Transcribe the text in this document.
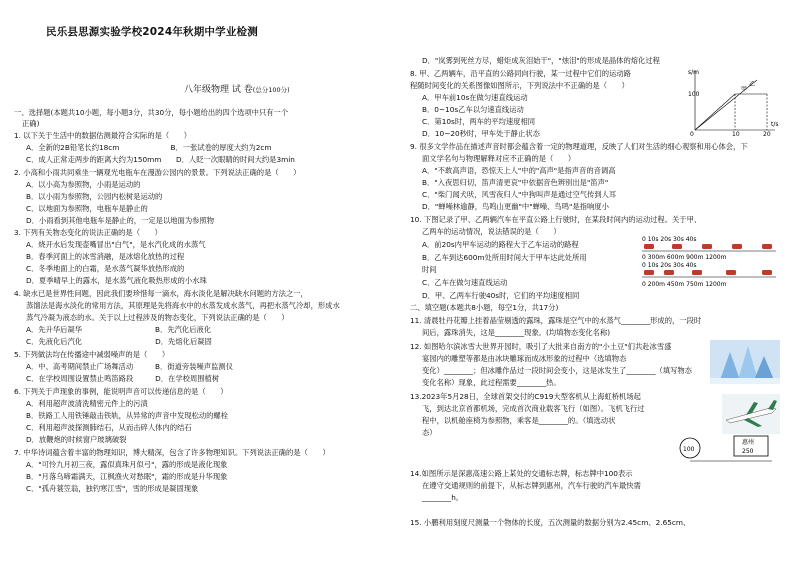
民乐县思源实验学校2024年秋期中学业检测
八年级物理 试 卷(总分100分)
一、选择题(本题共10小题，每小题3分，共30分，每小题给出的四个选项中只有一个
正确)
1. 以下关于生活中的数据估测最符合实际的是（　　）
A．全新的2B铅笔长约18cm　　　　　　　B．一张试卷的厚度大约为2cm
C．成人正常走两步的距离大约为150mm　　D．人眨一次眼睛的时间大约是3min
2. 小高和小雨共同乘坐一辆观光电瓶车在漫游公园内的景景。下列说法正确的是（　　）
A．以小高为参照物，小雨是运动的
B．以小雨为参照物，公园内松树是运动的
C．以地面为参照物，电瓶车是静止的
D．小雨看到其他电瓶车是静止的，一定是以地面为参照物
3. 下列有关物态变化的说法正确的是（　　）
A．烧开水后发现壶嘴冒出"白气"，是水汽化成的水蒸气
B．春季河面上的冰雪消融，是冰熔化放热的过程
C．冬季地面上的白霜，是水蒸气凝华放热形成的
D．夏季晴早上的露水，是水蒸气液化吸热形成的小水珠
4. 缺水已是世界性问题，因此我们要珍惜每一滴水，海水淡化是解决缺水问题的方法之一，
蒸馏法是海水淡化的常用方法，其原理是先将海水中的水蒸发成水蒸气，再把水蒸气冷却，形成水
蒸气冷凝为液态的水。关于以上过程涉及的物态变化，下列说法正确的是（　　）
A．先升华后凝华　　　　　　　　　　B．先汽化后液化
C．先液化后汽化　　　　　　　　　　D．先熔化后凝固
5. 下列做法均在传播途中减弱噪声的是（　　）
A．中、高考期间禁止广场舞活动　　　B．街道旁装噪声监测仪
C．在学校周围设置禁止鸣笛路段　　　D．在学校周围植树
6. 下列关于声现象的事例，能说明声音可以传递信息的是（　　）
A．利用超声波清洗精密元件上的污渍
B．铁路工人用铁锤敲击铁轨，从异常的声音中发现松动的螺栓
C．利用超声波探测肺结石，从而击碎人体内的结石
D．放鞭炮的时候窗户玻璃破裂
7. 中华诗词蕴含着丰富的物理知识，博大精深，包含了许多物理知识。下列说法正确的是（　　）
A．"可怜九月初三夜，露似真珠月似弓"，露的形成是液化现象
B．"月落乌啼霜满天，江枫渔火对愁眠"，霜的形成是升华现象
C．"孤舟蓑笠翁，独钓寒江雪"，雪的形成是凝固现象
D．"岚雾到死丝方尽，蜡炬成灰泪始干"，"烛泪"的形成是晶体的熔化过程
8. 甲、乙两辆车，沿平直的公路同向行驶，某一过程中它们的运动路
程随时间变化的关系图像如图所示，下列说法中不正确的是（　　）
A．甲车前10s在做匀速直线运动
B．0~10s乙车以匀速直线运动
C．第10s时，两车的平均速度相同
D．10~20秒时，甲车处于静止状态
s/m
100
0	10	20
t/s
甲
乙
9. 很多文学作品在描述声音时都会蕴含着一定的物理道理，反映了人们对生活的细心观察和用心体会，下
面文学名句与物理解释对应不正确的是（　　）
A．"不敢高声语，恐惊天上人"中的"高声"是指声音的音调高
B．"入夜思归切，笛声清更哀"中依据音色辨别出是"笛声"
C．"柴门闻犬吠，风雪夜归人"中狗叫声是通过空气传到人耳
D．"蝉噪林逾静，鸟鸣山更幽"中"蝉噪、鸟鸣"是指响度小
10. 下图记录了甲、乙两辆汽车在平直公路上行驶时，在某段时间内的运动过程。关于甲、
乙两车的运动情况，说法错误的是（　　）
A．前20s内甲车运动的路程大于乙车运动的路程
B．乙车到达600m处所用时间大于甲车达此处所用
时间
C．乙车在做匀速直线运动
D．甲、乙两车行驶40s时，它们的平均速度相同
0 10s 20s 30s 40s
0 300m 600m 900m 1200m
0 10s 20s 30s 40s
0 200m 450m 750m 1200m
二、填空题(本题共8小题，每空1分，共17分)
11. 清晨牡丹花瓣上挂着晶莹剔透的露珠，露珠是空气中的水蒸气________形成的，一段时
间后，露珠消失，这是________现象。(均填物态变化名称)
12. 如图哈尔滨冰雪大世界开园时，吸引了大批来自南方的"小土豆"们共赴冰雪盛
宴园内的雕塑等都是由冰块雕琢而成冰形象的过程中（选填物态
变化）________；但冰雕作品过一段时间会变小，这是冰发生了________（填写物态
变化名称）现象，此过程需要________热。
13.2023年5月28日，全球首架交付的C919大型客机从上海虹桥机场起
飞，到达北京首都机场，完成首次商业载客飞行（如图）。飞机飞行过
程中，以机舱座椅为参照物，乘客是________的。（填选动状
态）
100
惠州
250
14.如图所示是深惠高速公路上某处的交通标志牌，标志牌中100表示
在遵守交通规则的前提下，从标志牌到惠州，汽车行驶的汽车最快需
________h。
15. 小鹏利用刻度尺测量一个物体的长度，五次测量的数据分别为2.45cm、2.65cm、
